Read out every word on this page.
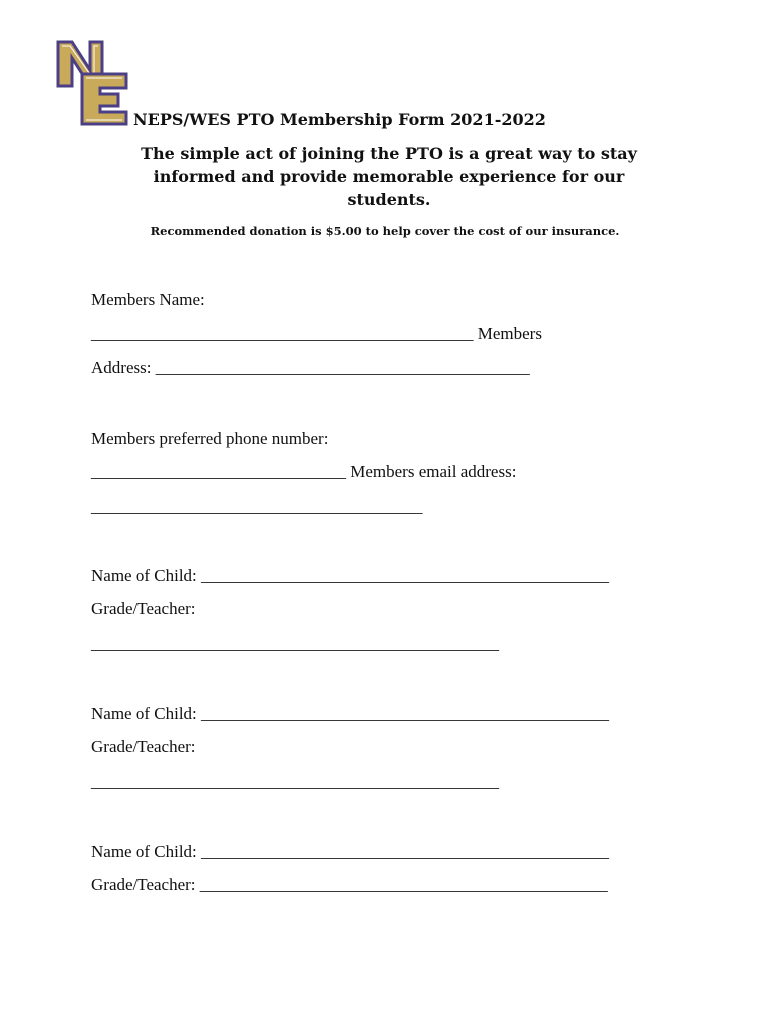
NEPS/WES PTO Membership Form 2021-2022
The simple act of joining the PTO is a great way to stay
informed and provide memorable experience for our
students.
Recommended donation is $5.00 to help cover the cost of our insurance.
Members Name:
_____________________________________________ Members
Address: ____________________________________________
Members preferred phone number:
______________________________ Members email address:
_______________________________________
Name of Child: ________________________________________________
Grade/Teacher:
________________________________________________
Name of Child: ________________________________________________
Grade/Teacher:
________________________________________________
Name of Child: ________________________________________________
Grade/Teacher: ________________________________________________
